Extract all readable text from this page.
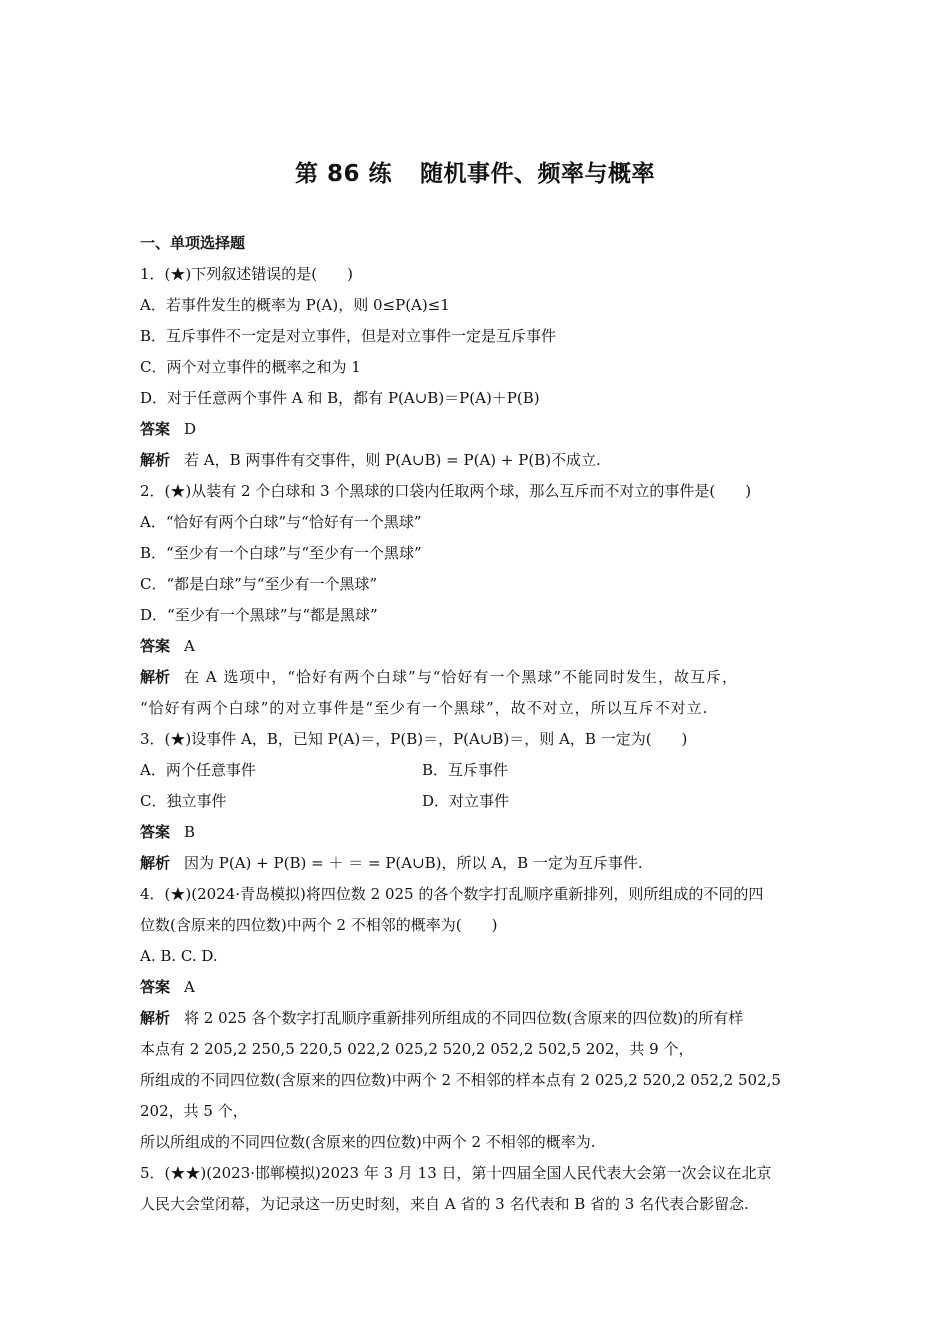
第 86 练 随机事件、频率与概率
一、单项选择题
1．(★)下列叙述错误的是(　　)
A．若事件发生的概率为 P(A)，则 0≤P(A)≤1
B．互斥事件不一定是对立事件，但是对立事件一定是互斥事件
C．两个对立事件的概率之和为 1
D．对于任意两个事件 A 和 B，都有 P(A∪B)＝P(A)＋P(B)
答案 D
解析 若 A，B 两事件有交事件，则 P(A∪B) = P(A) + P(B)不成立.
2．(★)从装有 2 个白球和 3 个黑球的口袋内任取两个球，那么互斥而不对立的事件是(　　)
A．“恰好有两个白球”与“恰好有一个黑球”
B．“至少有一个白球”与“至少有一个黑球”
C．“都是白球”与“至少有一个黑球”
D．“至少有一个黑球”与“都是黑球”
答案 A
解析 在 A 选项中，“恰好有两个白球”与“恰好有一个黑球”不能同时发生，故互斥，
“恰好有两个白球”的对立事件是“至少有一个黑球”，故不对立，所以互斥不对立.
3．(★)设事件 A，B，已知 P(A)＝，P(B)＝，P(A∪B)＝，则 A，B 一定为(　　)
A．两个任意事件	B．互斥事件
C．独立事件	D．对立事件
答案 B
解析 因为 P(A) + P(B) = ＋ ＝ = P(A∪B)，所以 A，B 一定为互斥事件.
4．(★)(2024·青岛模拟)将四位数 2 025 的各个数字打乱顺序重新排列，则所组成的不同的四
位数(含原来的四位数)中两个 2 不相邻的概率为(　　)
A. B. C. D.
答案 A
解析 将 2 025 各个数字打乱顺序重新排列所组成的不同四位数(含原来的四位数)的所有样
本点有 2 205,2 250,5 220,5 022,2 025,2 520,2 052,2 502,5 202，共 9 个，
所组成的不同四位数(含原来的四位数)中两个 2 不相邻的样本点有 2 025,2 520,2 052,2 502,5
202，共 5 个，
所以所组成的不同四位数(含原来的四位数)中两个 2 不相邻的概率为.
5．(★★)(2023·邯郸模拟)2023 年 3 月 13 日，第十四届全国人民代表大会第一次会议在北京
人民大会堂闭幕，为记录这一历史时刻，来自 A 省的 3 名代表和 B 省的 3 名代表合影留念.
